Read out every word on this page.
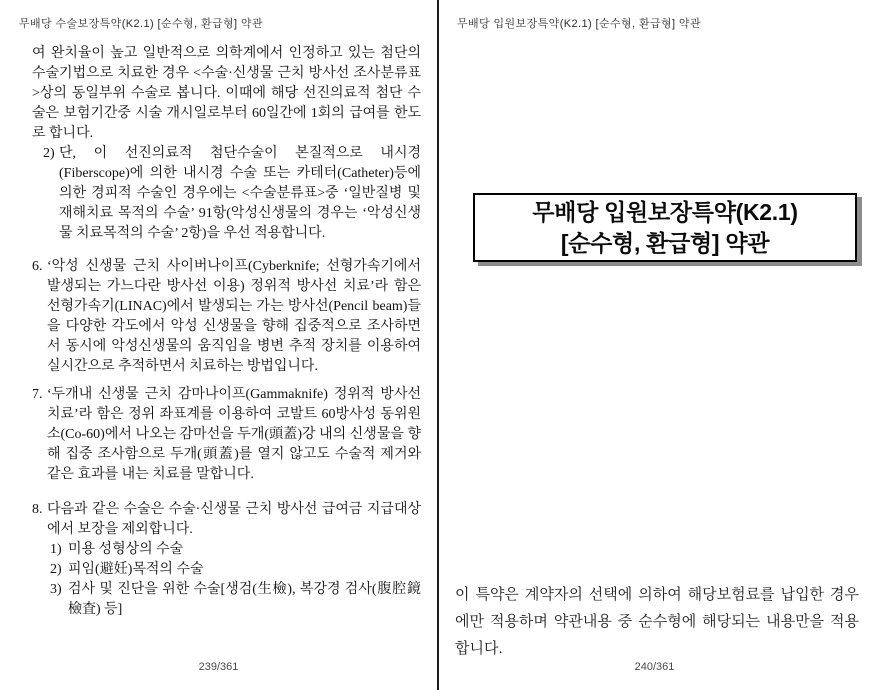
무배당 수술보장특약(K2.1) [순수형, 환급형] 약관

여 완치율이 높고 일반적으로 의학계에서 인정하고 있는 첨단의 수술기법으로 치료한 경우 <수술·신생물 근치 방사선 조사분류표>상의 동일부위 수술로 봅니다. 이때에 해당 선진의료적 첨단 수술은 보험기간중 시술 개시일로부터 60일간에 1회의 급여를 한도로 합니다.

2) 단, 이 선진의료적 첨단수술이 본질적으로 내시경(Fiberscope)에 의한 내시경 수술 또는 카테터(Catheter)등에 의한 경피적 수술인 경우에는 <수술분류표>중 ‘일반질병 및 재해치료 목적의 수술’ 91항(악성신생물의 경우는 ‘악성신생물 치료목적의 수술’ 2항)을 우선 적용합니다.

6. ‘악성 신생물 근치 사이버나이프(Cyberknife; 선형가속기에서 발생되는 가느다란 방사선 이용) 정위적 방사선 치료’라 함은 선형가속기(LINAC)에서 발생되는 가는 방사선(Pencil beam)들을 다양한 각도에서 악성 신생물을 향해 집중적으로 조사하면서 동시에 악성신생물의 움직임을 병변 추적 장치를 이용하여 실시간으로 추적하면서 치료하는 방법입니다.

7. ‘두개내 신생물 근치 감마나이프(Gammaknife) 정위적 방사선 치료’라 함은 정위 좌표계를 이용하여 코발트 60방사성 동위원소(Co-60)에서 나오는 감마선을 두개(頭蓋)강 내의 신생물을 향해 집중 조사함으로 두개(頭蓋)를 열지 않고도 수술적 제거와 같은 효과를 내는 치료를 말합니다.

8. 다음과 같은 수술은 수술·신생물 근치 방사선 급여금 지급대상에서 보장을 제외합니다.

1) 미용 성형상의 수술

2) 피임(避妊)목적의 수술

3) 검사 및 진단을 위한 수술[생검(生檢), 복강경 검사(腹腔鏡 檢査) 등]

239/361
무배당 입원보장특약(K2.1) [순수형, 환급형] 약관
무배당 입원보장특약(K2.1)
[순수형, 환급형] 약관

이 특약은 계약자의 선택에 의하여 해당보험료를 납입한 경우에만 적용하며 약관내용 중 순수형에 해당되는 내용만을 적용합니다.

240/361
